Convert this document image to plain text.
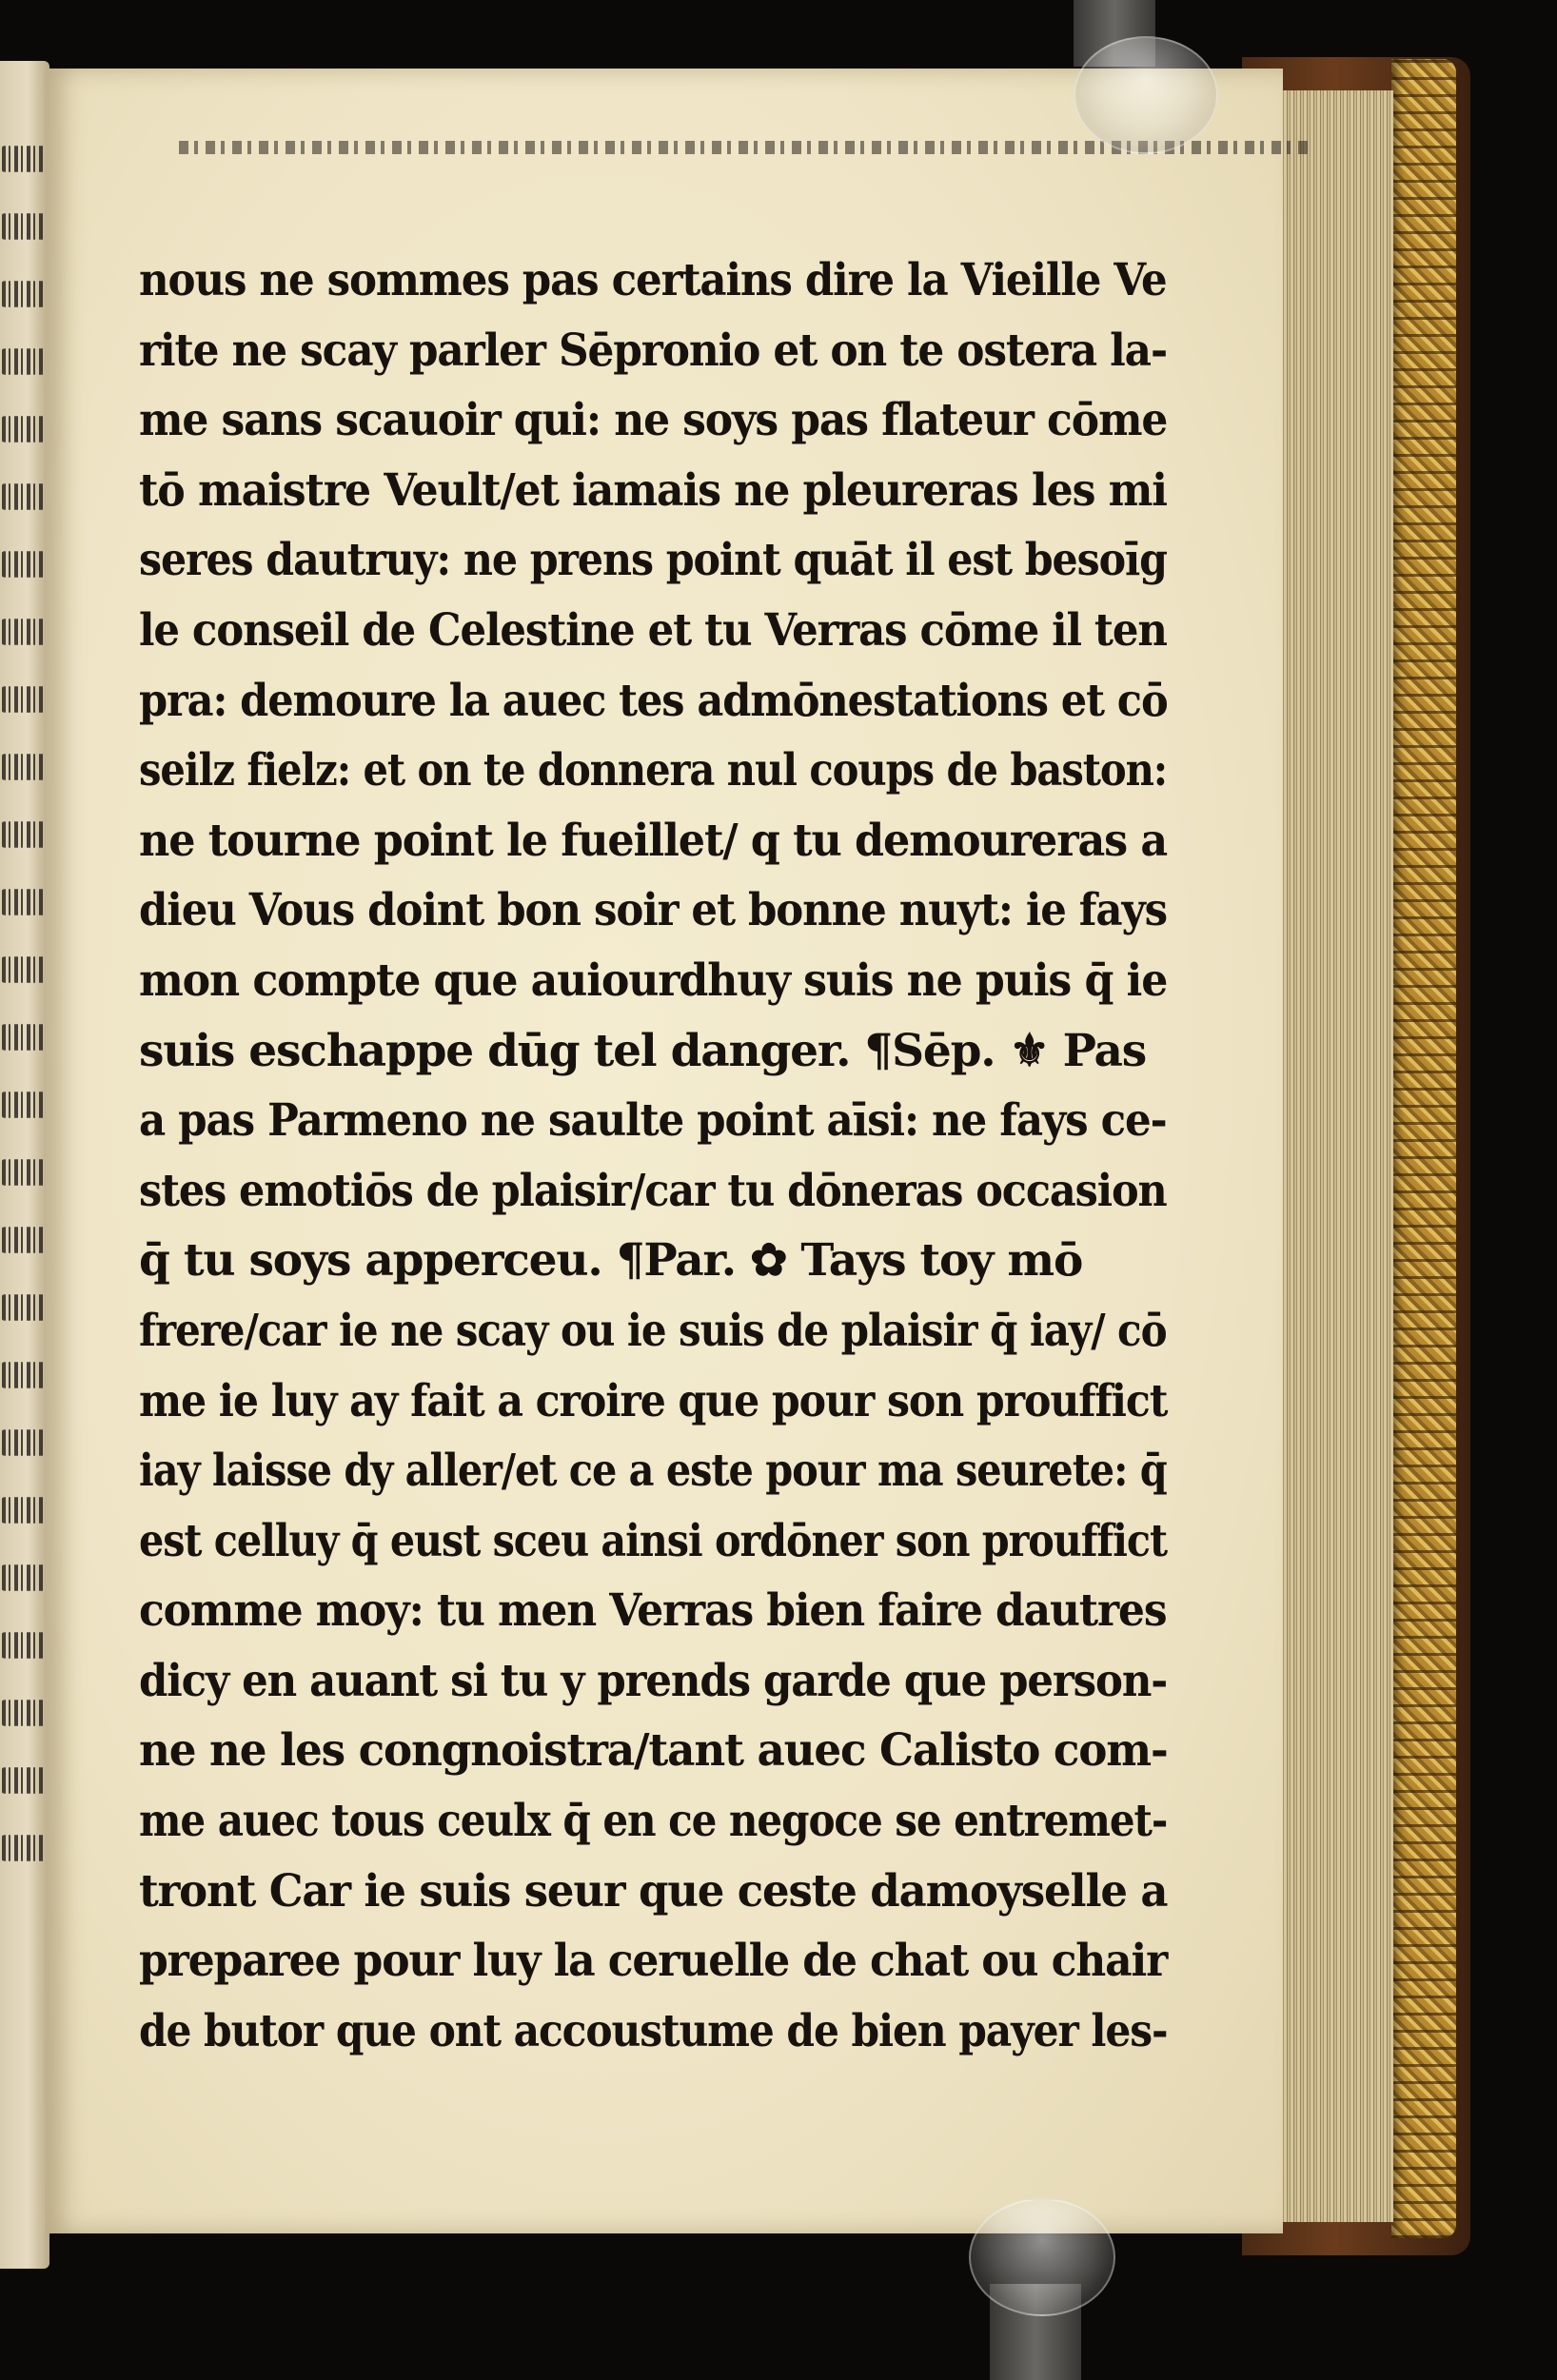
nous ne sommes pas certains dire la Vieille Ve
rite ne scay parler Sēpronio et on te ostera la-
me sans scauoir qui: ne soys pas flateur cōme
tō maistre Veult/et iamais ne pleureras les mi
seres dautruy: ne prens point quāt il est besoīg
le conseil de Celestine et tu Verras cōme il ten
pra: demoure la auec tes admōnestations et cō
seilz fielz: et on te donnera nul coups de baston:
ne tourne point le fueillet/ q tu demoureras a
dieu Vous doint bon soir et bonne nuyt: ie fays
mon compte que auiourdhuy suis ne puis q̄ ie
suis eschappe dūg tel danger. ¶Sēp. ⚜ Pas
a pas Parmeno ne saulte point aīsi: ne fays ce-
stes emotiōs de plaisir/car tu dōneras occasion
q̄ tu soys apperceu. ¶Par. ✿ Tays toy mō
frere/car ie ne scay ou ie suis de plaisir q̄ iay/ cō
me ie luy ay fait a croire que pour son prouffict
iay laisse dy aller/et ce a este pour ma seurete: q̄
est celluy q̄ eust sceu ainsi ordōner son prouffict
comme moy: tu men Verras bien faire dautres
dicy en auant si tu y prends garde que person-
ne ne les congnoistra/tant auec Calisto com-
me auec tous ceulx q̄ en ce negoce se entremet-
tront Car ie suis seur que ceste damoyselle a
preparee pour luy la ceruelle de chat ou chair
de butor que ont accoustume de bien payer les-
